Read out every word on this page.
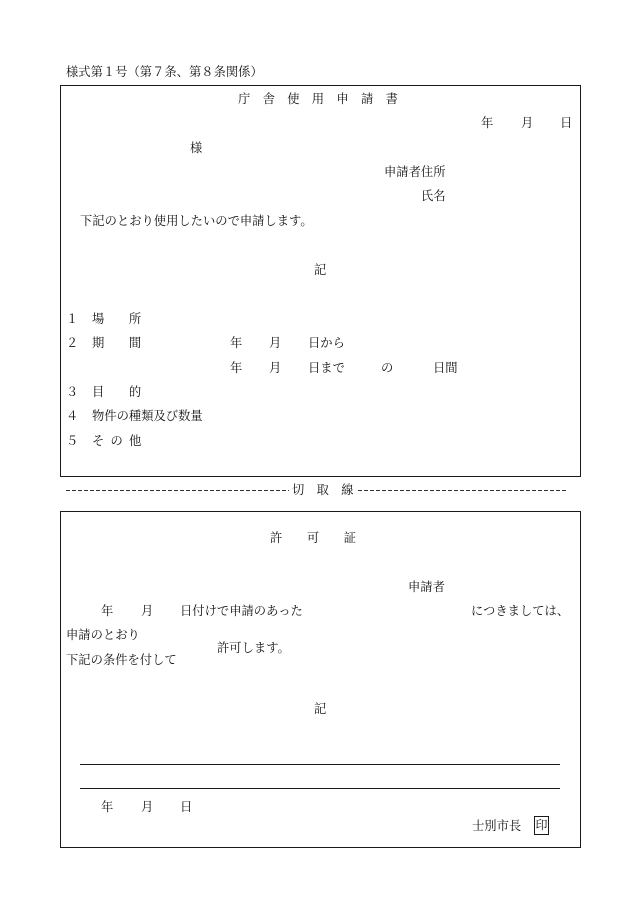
様式第１号（第７条、第８条関係）
庁　舎　使　用　申　請　書
年 月 日
様
申請者住所
氏名
下記のとおり使用したいので申請します。
記
１ 場　　所
２ 期　　間	年 月 日から
年 月 日まで	の	日間
３ 目　　的
４ 物件の種類及び数量
５ そ の 他
切　取　線
許　　可　　証
申請者
年 月 日付けで申請のあった	につきましては、
申請のとおり
許可します。
下記の条件を付して
記
年 月 日
士別市長 印
